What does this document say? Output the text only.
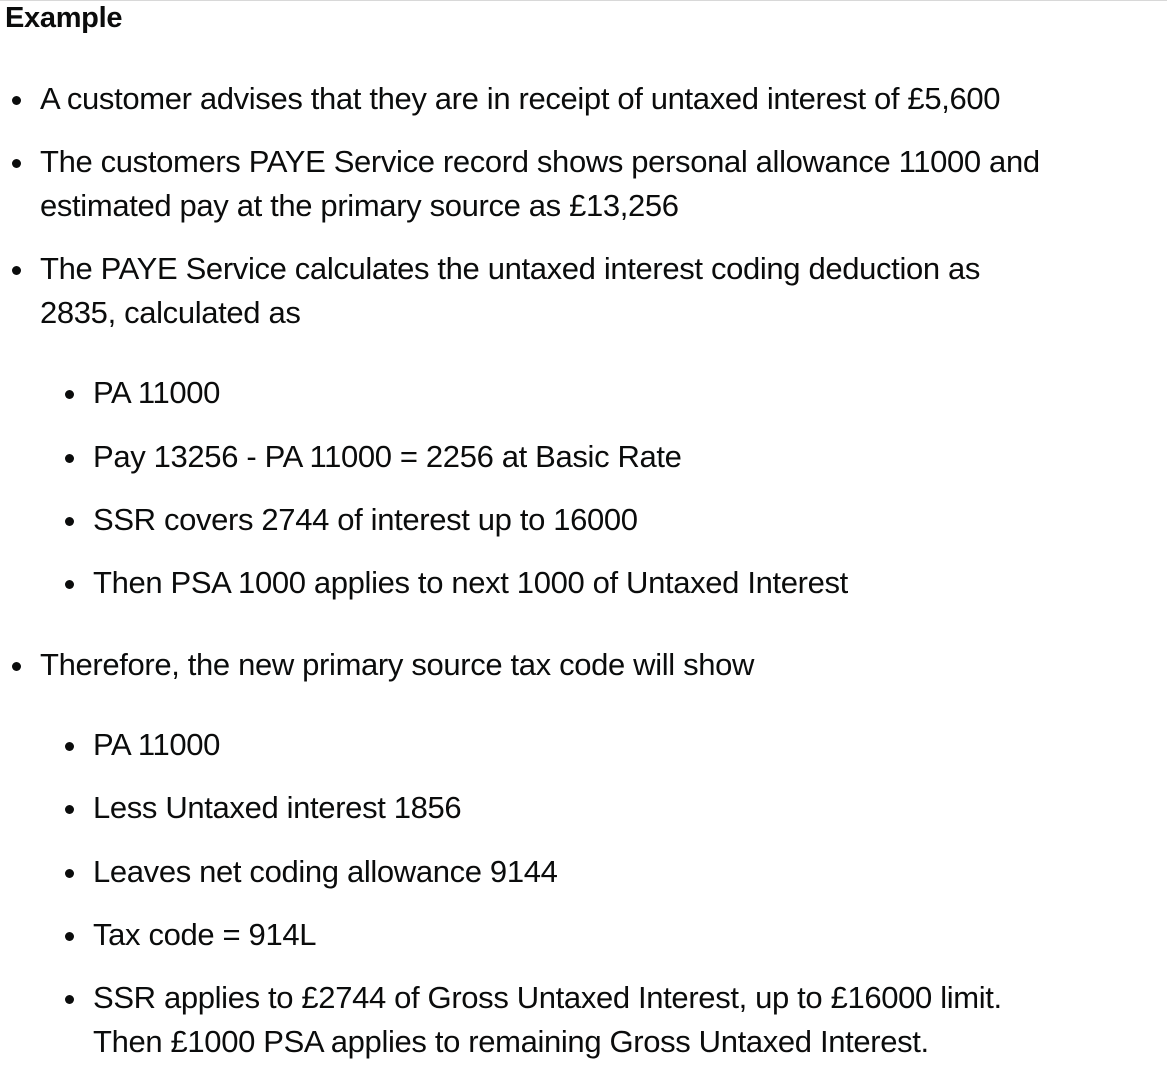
Example
A customer advises that they are in receipt of untaxed interest of £5,600
The customers PAYE Service record shows personal allowance 11000 and
estimated pay at the primary source as £13,256
The PAYE Service calculates the untaxed interest coding deduction as
2835, calculated as
Therefore, the new primary source tax code will show
PA 11000
Pay 13256 - PA 11000 = 2256 at Basic Rate
SSR covers 2744 of interest up to 16000
Then PSA 1000 applies to next 1000 of Untaxed Interest
PA 11000
Less Untaxed interest 1856
Leaves net coding allowance 9144
Tax code = 914L
SSR applies to £2744 of Gross Untaxed Interest, up to £16000 limit.
Then £1000 PSA applies to remaining Gross Untaxed Interest.
